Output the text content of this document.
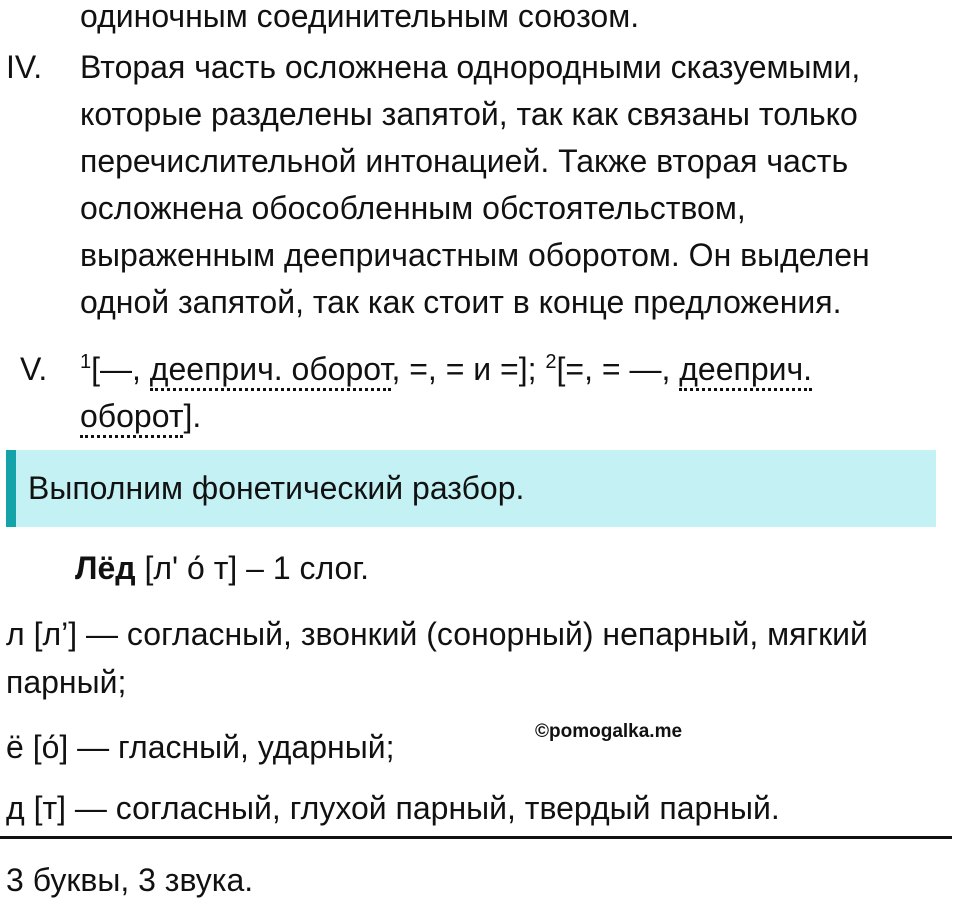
одиночным соединительным союзом.
IV. Вторая часть осложнена однородными сказуемыми,
которые разделены запятой, так как связаны только
перечислительной интонацией. Также вторая часть
осложнена обособленным обстоятельством,
выраженным деепричастным оборотом. Он выделен
одной запятой, так как стоит в конце предложения.
V. $^1$[—, дееприч. оборот, =, = и =]; $^2$[=, = —, дееприч.
оборот].
Выполним фонетический разбор.
Лёд [л' о́ т] – 1 слог.
л [л’] — согласный, звонкий (сонорный) непарный, мягкий
парный;
ё [о́] — гласный, ударный;
д [т] — согласный, глухой парный, твердый парный.
©pomogalka.me
3 буквы, 3 звука.
